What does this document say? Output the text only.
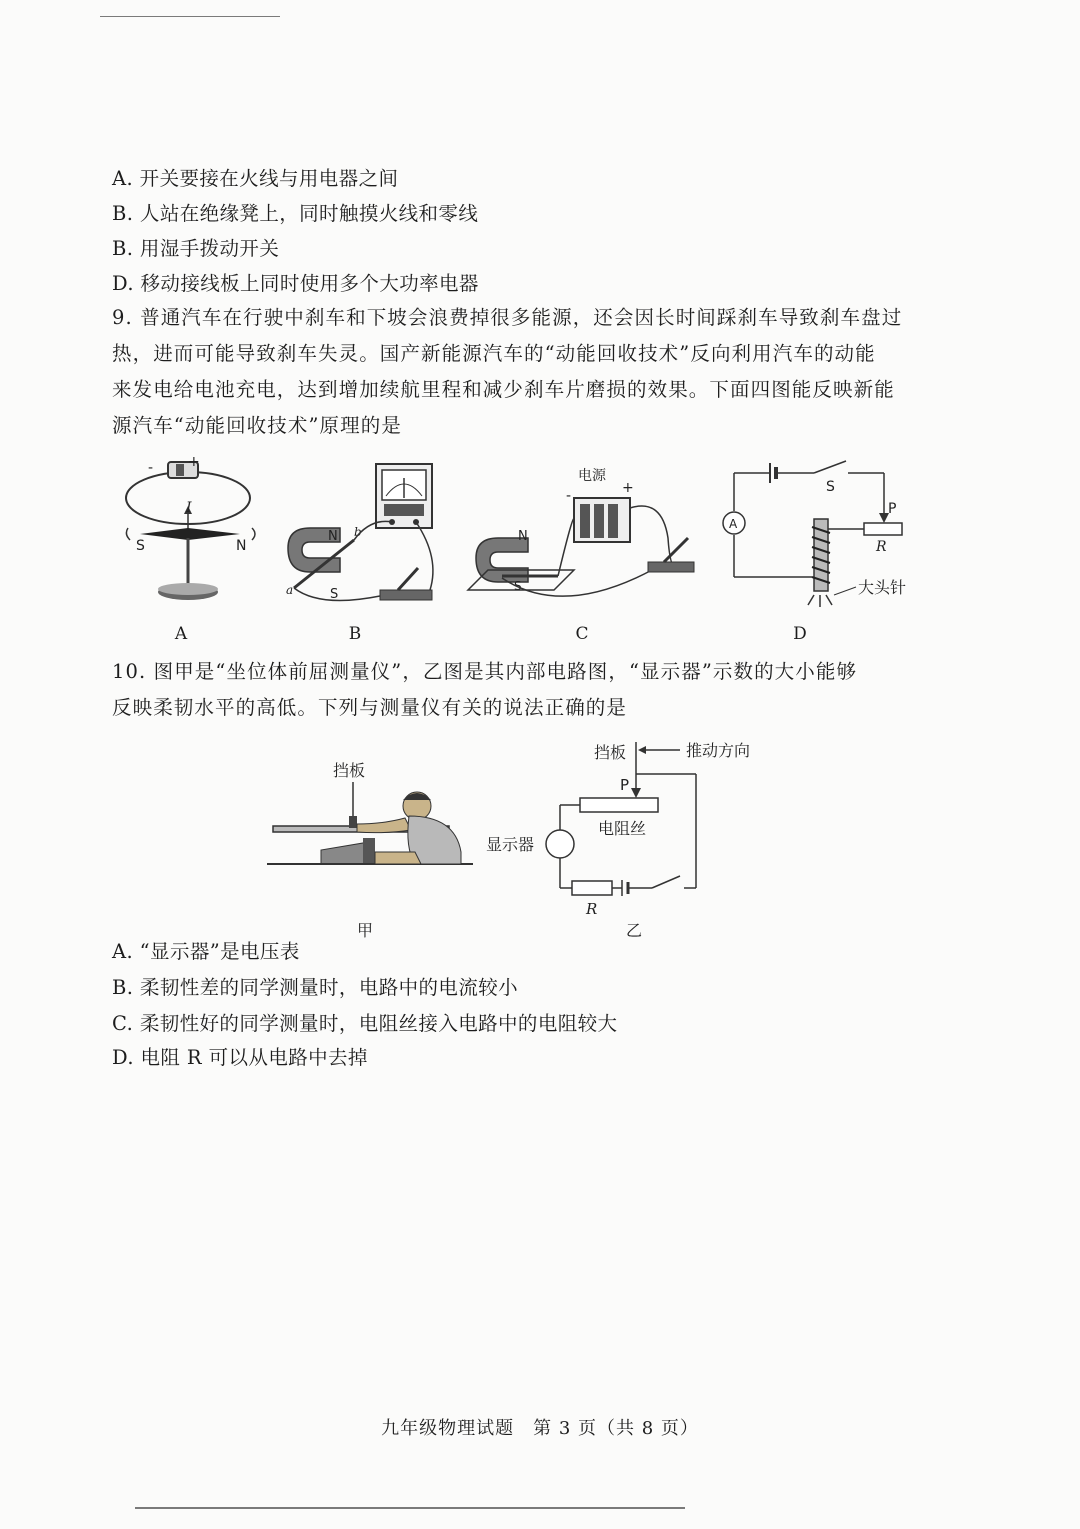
A. 开关要接在火线与用电器之间
B. 人站在绝缘凳上，同时触摸火线和零线
B. 用湿手拨动开关
D. 移动接线板上同时使用多个大功率电器
9. 普通汽车在行驶中刹车和下坡会浪费掉很多能源，还会因长时间踩刹车导致刹车盘过
热，进而可能导致刹车失灵。国产新能源汽车的“动能回收技术”反向利用汽车的动能
来发电给电池充电，达到增加续航里程和减少刹车片磨损的效果。下面四图能反映新能
源汽车“动能回收技术”原理的是
- +
I
S	N
A
N
S
a
b
B
电源
-	+
N
S
C
S
P
R
A
大头针
D
10. 图甲是“坐位体前屈测量仪”，乙图是其内部电路图，“显示器”示数的大小能够
反映柔韧水平的高低。下列与测量仪有关的说法正确的是
挡板
甲
挡板	推动方向
P
电阻丝
显示器
R
乙
A. “显示器”是电压表
B. 柔韧性差的同学测量时，电路中的电流较小
C. 柔韧性好的同学测量时，电阻丝接入电路中的电阻较大
D. 电阻 R 可以从电路中去掉
九年级物理试题　第 3 页（共 8 页）
